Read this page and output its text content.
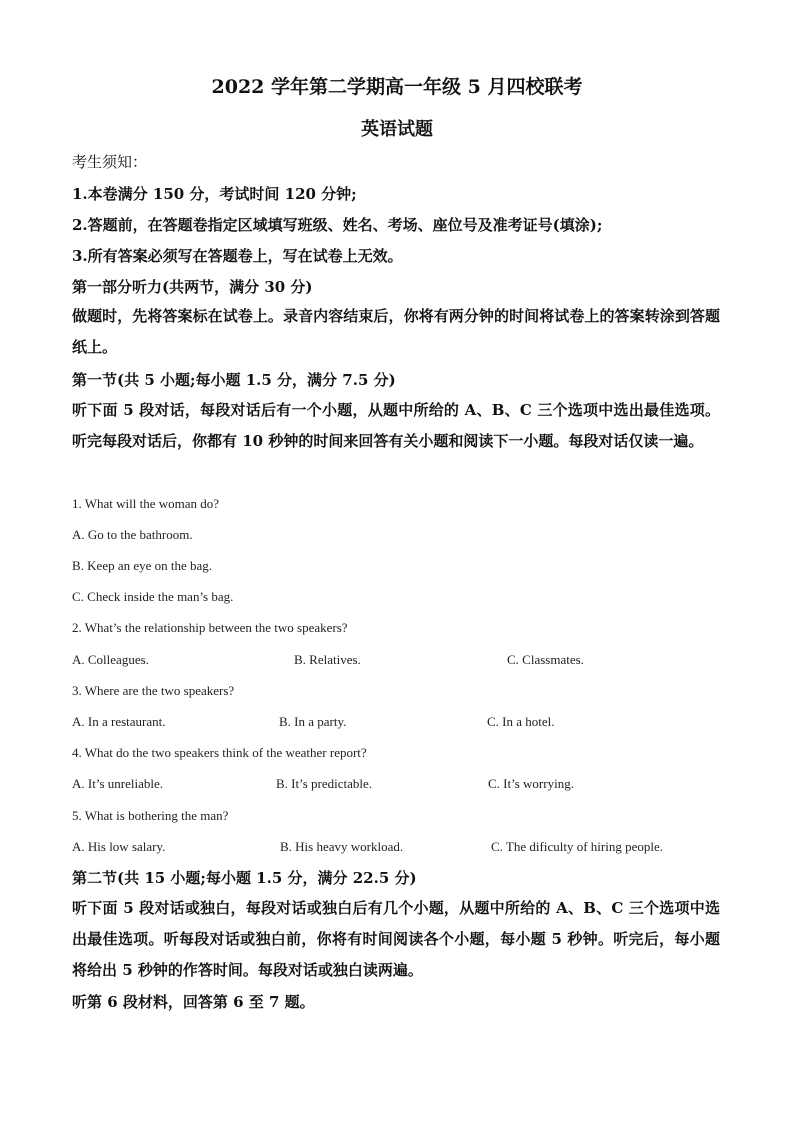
2022 学年第二学期高一年级 5 月四校联考
英语试题
考生须知：
1.本卷满分 150 分，考试时间 120 分钟;
2.答题前，在答题卷指定区域填写班级、姓名、考场、座位号及准考证号(填涂);
3.所有答案必须写在答题卷上，写在试卷上无效。
第一部分听力(共两节，满分 30 分)
做题时，先将答案标在试卷上。录音内容结束后，你将有两分钟的时间将试卷上的答案转涂到答题纸上。
第一节(共 5 小题;每小题 1.5 分，满分 7.5 分)
听下面 5 段对话，每段对话后有一个小题，从题中所给的 A、B、C 三个选项中选出最佳选项。听完每段对话后，你都有 10 秒钟的时间来回答有关小题和阅读下一小题。每段对话仅读一遍。
1. What will the woman do?
A. Go to the bathroom.
B. Keep an eye on the bag.
C. Check inside the man’s bag.
2. What’s the relationship between the two speakers?
A. Colleagues.	B. Relatives.	C. Classmates.
3. Where are the two speakers?
A. In a restaurant.	B. In a party.	C. In a hotel.
4. What do the two speakers think of the weather report?
A. It’s unreliable.	B. It’s predictable.	C. It’s worrying.
5. What is bothering the man?
A. His low salary.	B. His heavy workload.	C. The dificulty of hiring people.
第二节(共 15 小题;每小题 1.5 分，满分 22.5 分)
听下面 5 段对话或独白，每段对话或独白后有几个小题，从题中所给的 A、B、C 三个选项中选出最佳选项。听每段对话或独白前，你将有时间阅读各个小题，每小题 5 秒钟。听完后，每小题将给出 5 秒钟的作答时间。每段对话或独白读两遍。
听第 6 段材料，回答第 6 至 7 题。
